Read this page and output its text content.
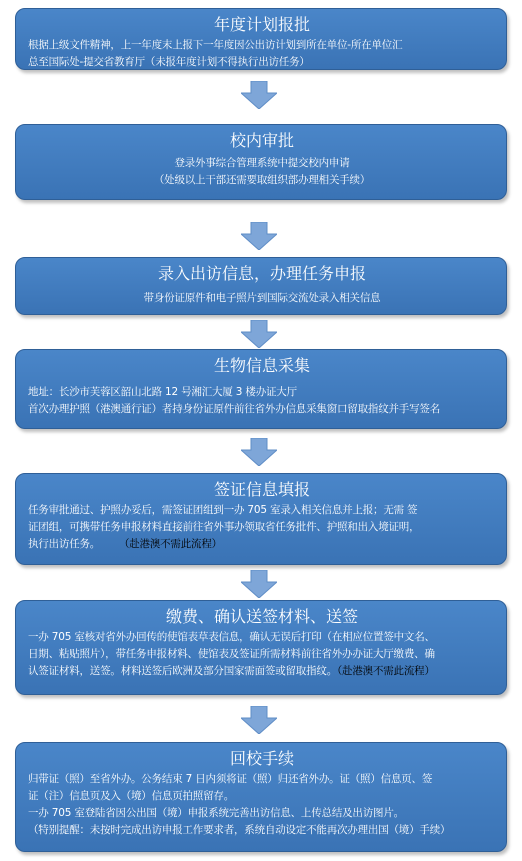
年度计划报批
根据上级文件精神，上一年度末上报下一年度因公出访计划到所在单位-所在单位汇
总至国际处-提交省教育厅（未报年度计划不得执行出访任务）
校内审批
登录外事综合管理系统中提交校内申请
（处级以上干部还需要取组织部办理相关手续）
录入出访信息，办理任务申报
带身份证原件和电子照片到国际交流处录入相关信息
生物信息采集
地址：长沙市芙蓉区韶山北路 12 号湘汇大厦 3 楼办证大厅
首次办理护照（港澳通行证）者持身份证原件前往省外办信息采集窗口留取指纹并手写签名
签证信息填报
任务审批通过、护照办妥后，需签证团组到一办 705 室录入相关信息并上报；无需 签
证团组，可携带任务申报材料直接前往省外事办领取省任务批件、护照和出入境证明，
执行出访任务。 （赴港澳不需此流程）
缴费、确认送签材料、送签
一办 705 室核对省外办回传的使馆表草表信息，确认无误后打印（在相应位置签中文名、
日期、粘贴照片），带任务申报材料、使馆表及签证所需材料前往省外办办证大厅缴费、确
认签证材料，送签。材料送签后欧洲及部分国家需面签或留取指纹。（赴港澳不需此流程）
回校手续
归带证（照）至省外办。公务结束 7 日内须将证（照）归还省外办。证（照）信息页、签
证（注）信息页及入（境）信息页拍照留存。
一办 705 室登陆省因公出国（境）申报系统完善出访信息、上传总结及出访图片。
（特别提醒：未按时完成出访申报工作要求者，系统自动设定不能再次办理出国（境）手续）
